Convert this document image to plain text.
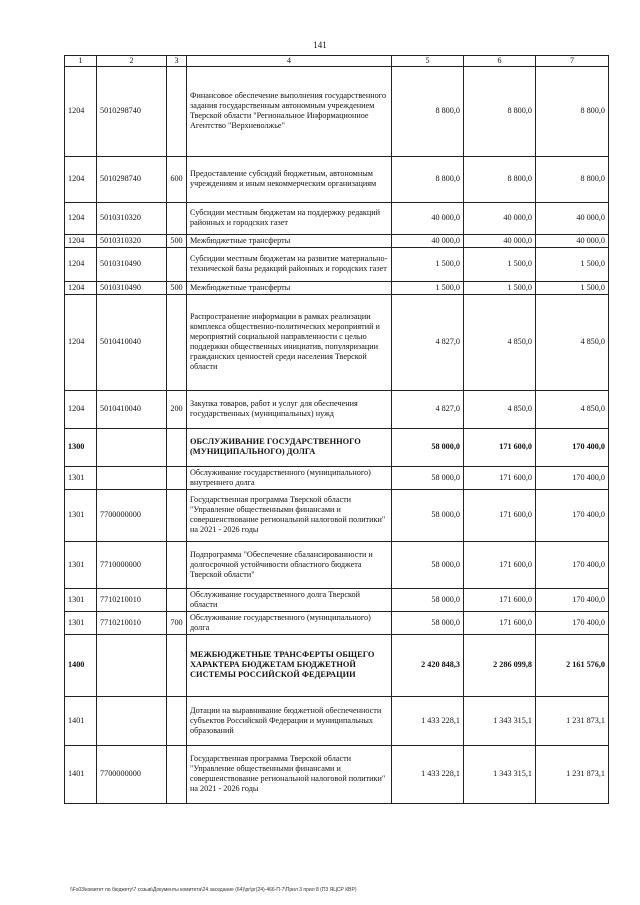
141
1	2	3	4	5	6	7
1204	5010298740		Финансовое обеспечение выполнения государственного задания государственным автономным учреждением Тверской области "Региональное Информационное Агентство "Верхневолжье"	8 800,0	8 800,0	8 800,0
1204	5010298740	600	Предоставление субсидий бюджетным, автономным учреждениям и иным некоммерческим организациям	8 800,0	8 800,0	8 800,0
1204	5010310320		Субсидии местным бюджетам на поддержку редакций районных и городских газет	40 000,0	40 000,0	40 000,0
1204	5010310320	500	Межбюджетные трансферты	40 000,0	40 000,0	40 000,0
1204	5010310490		Субсидии местным бюджетам на развитие материально-технической базы редакций районных и городских газет	1 500,0	1 500,0	1 500,0
1204	5010310490	500	Межбюджетные трансферты	1 500,0	1 500,0	1 500,0
1204	5010410040		Распространение информации в рамках реализации комплекса общественно-политических мероприятий и мероприятий социальной направленности с целью поддержки общественных инициатив, популяризации гражданских ценностей среди населения Тверской области	4 827,0	4 850,0	4 850,0
1204	5010410040	200	Закупка товаров, работ и услуг для обеспечения государственных (муниципальных) нужд	4 827,0	4 850,0	4 850,0
1300			ОБСЛУЖИВАНИЕ ГОСУДАРСТВЕННОГО (МУНИЦИПАЛЬНОГО) ДОЛГА	58 000,0	171 600,0	170 400,0
1301			Обслуживание государственного (муниципального) внутреннего долга	58 000,0	171 600,0	170 400,0
1301	7700000000		Государственная программа Тверской области "Управление общественными финансами и совершенствование региональной налоговой политики" на 2021 - 2026 годы	58 000,0	171 600,0	170 400,0
1301	7710000000		Подпрограмма "Обеспечение сбалансированности и долгосрочной устойчивости областного бюджета Тверской области"	58 000,0	171 600,0	170 400,0
1301	7710210010		Обслуживание государственного долга Тверской области	58 000,0	171 600,0	170 400,0
1301	7710210010	700	Обслуживание государственного (муниципального) долга	58 000,0	171 600,0	170 400,0
1400			МЕЖБЮДЖЕТНЫЕ ТРАНСФЕРТЫ ОБЩЕГО ХАРАКТЕРА БЮДЖЕТАМ БЮДЖЕТНОЙ СИСТЕМЫ РОССИЙСКОЙ ФЕДЕРАЦИИ	2 420 848,3	2 286 099,8	2 161 576,0
1401			Дотации на выравнивание бюджетной обеспеченности субъектов Российской Федерации и муниципальных образований	1 433 228,1	1 343 315,1	1 231 873,1
1401	7700000000		Государственная программа Тверской области "Управление общественными финансами и совершенствование региональной налоговой политики" на 2021 - 2026 годы	1 433 228,1	1 343 315,1	1 231 873,1
\\Fs03\комитет по бюджету\7 созыв\Документы комитета\24 заседание (64)\pr\pr(24)-466-П-7\Прил 3 прил 8 (П3 ЯЦСР КВР)
